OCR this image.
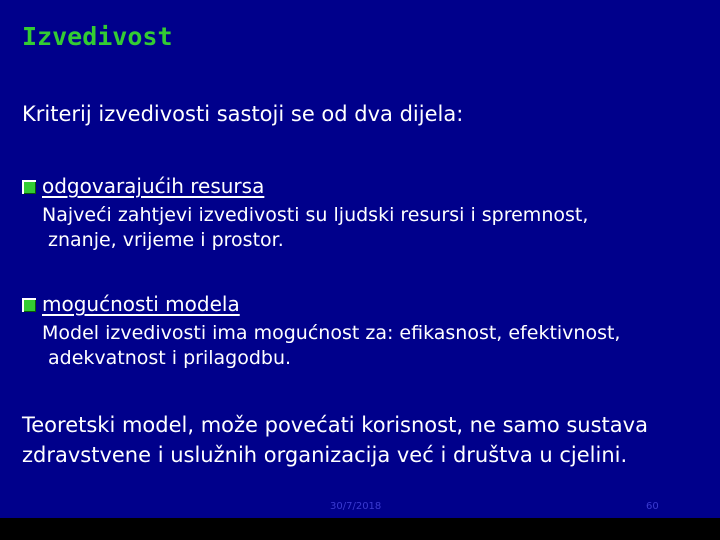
Izvedivost

Kriterij izvedivosti sastoji se od dva dijela:

odgovarajućih resursa
Najveći zahtjevi izvedivosti su ljudski resursi i spremnost,
znanje, vrijeme i prostor.
mogućnosti modela
Model izvedivosti ima mogućnost za: efikasnost, efektivnost,
adekvatnost i prilagodbu.
Teoretski model, može povećati korisnost, ne samo sustava
zdravstvene i uslužnih organizacija već i društva u cjelini.
30/7/2018	60
